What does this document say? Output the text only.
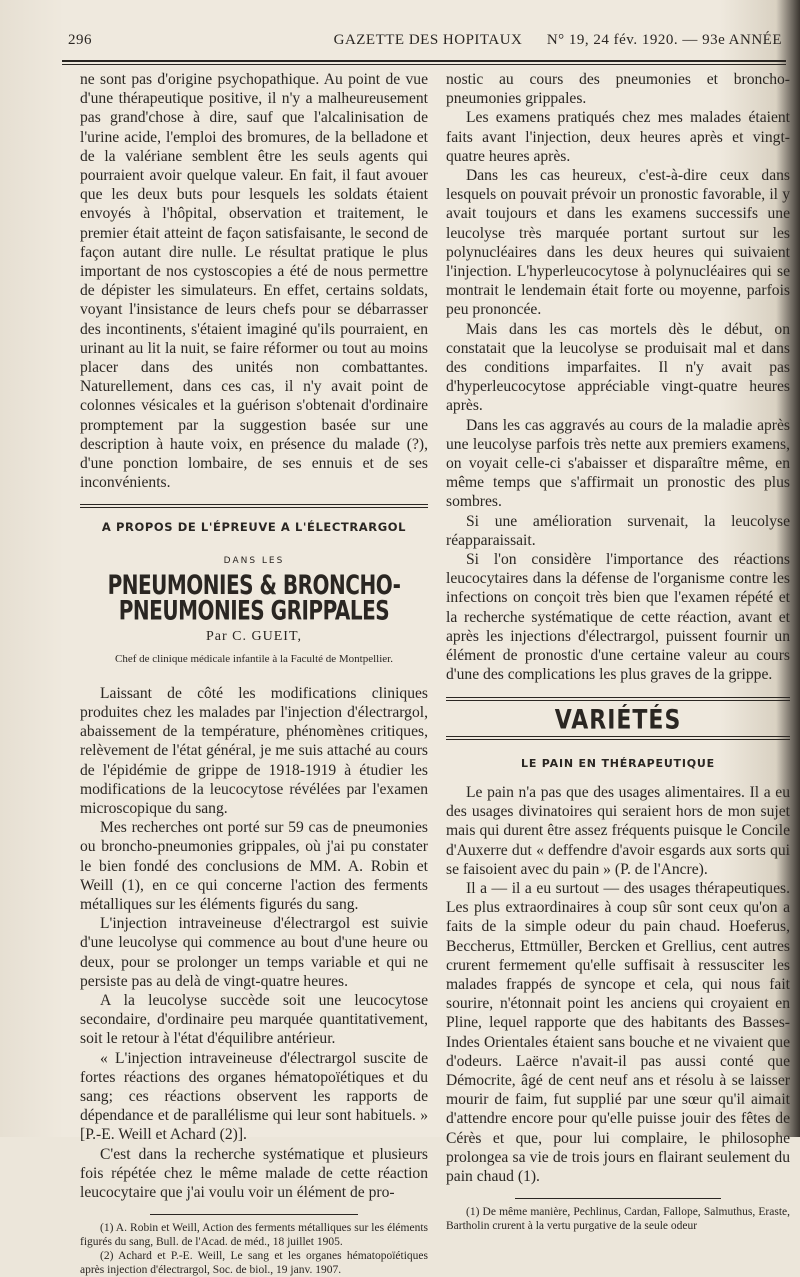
296	GAZETTE DES HOPITAUX	N° 19, 24 fév. 1920. — 93e ANNÉE

ne sont pas d'origine psychopathique. Au point de vue d'une thérapeutique positive, il n'y a malheureusement pas grand'chose à dire, sauf que l'alcalinisation de l'urine acide, l'emploi des bromures, de la belladone et de la valériane semblent être les seuls agents qui pourraient avoir quelque valeur. En fait, il faut avouer que les deux buts pour lesquels les soldats étaient envoyés à l'hôpital, observation et traitement, le premier était atteint de façon satisfaisante, le second de façon autant dire nulle. Le résultat pratique le plus important de nos cystoscopies a été de nous permettre de dépister les simulateurs. En effet, certains soldats, voyant l'insistance de leurs chefs pour se débarrasser des incontinents, s'étaient imaginé qu'ils pourraient, en urinant au lit la nuit, se faire réformer ou tout au moins placer dans des unités non combattantes. Naturellement, dans ces cas, il n'y avait point de colonnes vésicales et la guérison s'obtenait d'ordinaire promptement par la suggestion basée sur une description à haute voix, en présence du malade (?), d'une ponction lombaire, de ses ennuis et de ses inconvénients.

A PROPOS DE L'ÉPREUVE A L'ÉLECTRARGOL
DANS LES
PNEUMONIES & BRONCHO-PNEUMONIES GRIPPALES
Par C. GUEIT,
Chef de clinique médicale infantile à la Faculté de Montpellier.

Laissant de côté les modifications cliniques produites chez les malades par l'injection d'électrargol, abaissement de la température, phénomènes critiques, relèvement de l'état général, je me suis attaché au cours de l'épidémie de grippe de 1918-1919 à étudier les modifications de la leucocytose révélées par l'examen microscopique du sang.

Mes recherches ont porté sur 59 cas de pneumonies ou broncho-pneumonies grippales, où j'ai pu constater le bien fondé des conclusions de MM. A. Robin et Weill (1), en ce qui concerne l'action des ferments métalliques sur les éléments figurés du sang.

L'injection intraveineuse d'électrargol est suivie d'une leucolyse qui commence au bout d'une heure ou deux, pour se prolonger un temps variable et qui ne persiste pas au delà de vingt-quatre heures.

A la leucolyse succède soit une leucocytose secondaire, d'ordinaire peu marquée quantitativement, soit le retour à l'état d'équilibre antérieur.

« L'injection intraveineuse d'électrargol suscite de fortes réactions des organes hématopoïétiques et du sang; ces réactions observent les rapports de dépendance et de parallélisme qui leur sont habituels. » [P.-E. Weill et Achard (2)].

C'est dans la recherche systématique et plusieurs fois répétée chez le même malade de cette réaction leucocytaire que j'ai voulu voir un élément de pro-

(1) A. Robin et Weill, Action des ferments métalliques sur les éléments figurés du sang, Bull. de l'Acad. de méd., 18 juillet 1905.

(2) Achard et P.-E. Weill, Le sang et les organes hématopoïétiques après injection d'électrargol, Soc. de biol., 19 janv. 1907.

nostic au cours des pneumonies et broncho-pneumonies grippales.

Les examens pratiqués chez mes malades étaient faits avant l'injection, deux heures après et vingt-quatre heures après.

Dans les cas heureux, c'est-à-dire ceux dans lesquels on pouvait prévoir un pronostic favorable, il y avait toujours et dans les examens successifs une leucolyse très marquée portant surtout sur les polynucléaires dans les deux heures qui suivaient l'injection. L'hyperleucocytose à polynucléaires qui se montrait le lendemain était forte ou moyenne, parfois peu prononcée.

Mais dans les cas mortels dès le début, on constatait que la leucolyse se produisait mal et dans des conditions imparfaites. Il n'y avait pas d'hyperleucocytose appréciable vingt-quatre heures après.

Dans les cas aggravés au cours de la maladie après une leucolyse parfois très nette aux premiers examens, on voyait celle-ci s'abaisser et disparaître même, en même temps que s'affirmait un pronostic des plus sombres.

Si une amélioration survenait, la leucolyse réapparaissait.

Si l'on considère l'importance des réactions leucocytaires dans la défense de l'organisme contre les infections on conçoit très bien que l'examen répété et la recherche systématique de cette réaction, avant et après les injections d'électrargol, puissent fournir un élément de pronostic d'une certaine valeur au cours d'une des complications les plus graves de la grippe.

VARIÉTÉS
LE PAIN EN THÉRAPEUTIQUE

Le pain n'a pas que des usages alimentaires. Il a eu des usages divinatoires qui seraient hors de mon sujet mais qui durent être assez fréquents puisque le Concile d'Auxerre dut « deffendre d'avoir esgards aux sorts qui se faisoient avec du pain » (P. de l'Ancre).

Il a — il a eu surtout — des usages thérapeutiques. Les plus extraordinaires à coup sûr sont ceux qu'on a faits de la simple odeur du pain chaud. Hoeferus, Beccherus, Ettmüller, Bercken et Grellius, cent autres crurent fermement qu'elle suffisait à ressusciter les malades frappés de syncope et cela, qui nous fait sourire, n'étonnait point les anciens qui croyaient en Pline, lequel rapporte que des habitants des Basses-Indes Orientales étaient sans bouche et ne vivaient que d'odeurs. Laërce n'avait-il pas aussi conté que Démocrite, âgé de cent neuf ans et résolu à se laisser mourir de faim, fut supplié par une sœur qu'il aimait d'attendre encore pour qu'elle puisse jouir des fêtes de Cérès et que, pour lui complaire, le philosophe prolongea sa vie de trois jours en flairant seulement du pain chaud (1).

(1) De même manière, Pechlinus, Cardan, Fallope, Salmuthus, Eraste, Bartholin crurent à la vertu purgative de la seule odeur
